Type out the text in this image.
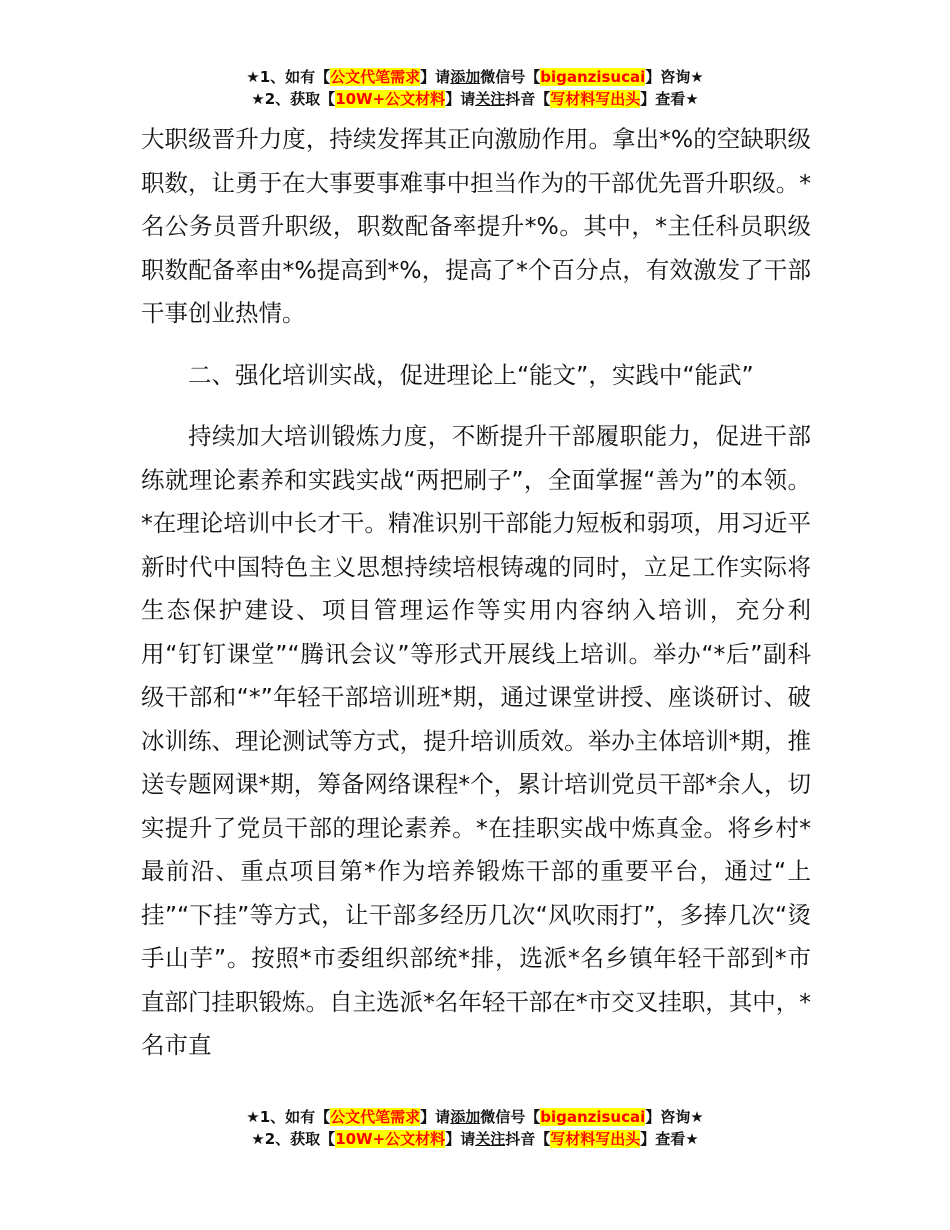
★1、如有【公文代笔需求】请添加微信号【biganzisucai】咨询★
★2、获取【10W+公文材料】请关注抖音【写材料写出头】查看★

大职级晋升力度，持续发挥其正向激励作用。拿出*%的空缺职级职数，让勇于在大事要事难事中担当作为的干部优先晋升职级。*名公务员晋升职级，职数配备率提升*%。其中，*主任科员职级职数配备率由*%提高到*%，提高了*个百分点，有效激发了干部干事创业热情。

二、强化培训实战，促进理论上“能文”，实践中“能武”

持续加大培训锻炼力度，不断提升干部履职能力，促进干部练就理论素养和实践实战“两把刷子”，全面掌握“善为”的本领。*在理论培训中长才干。精准识别干部能力短板和弱项，用习近平新时代中国特色主义思想持续培根铸魂的同时，立足工作实际将生态保护建设、项目管理运作等实用内容纳入培训，充分利用“钉钉课堂”“腾讯会议”等形式开展线上培训。举办“*后”副科级干部和“*”年轻干部培训班*期，通过课堂讲授、座谈研讨、破冰训练、理论测试等方式，提升培训质效。举办主体培训*期，推送专题网课*期，筹备网络课程*个，累计培训党员干部*余人，切实提升了党员干部的理论素养。*在挂职实战中炼真金。将乡村*最前沿、重点项目第*作为培养锻炼干部的重要平台，通过“上挂”“下挂”等方式，让干部多经历几次“风吹雨打”，多捧几次“烫手山芋”。按照*市委组织部统*排，选派*名乡镇年轻干部到*市直部门挂职锻炼。自主选派*名年轻干部在*市交叉挂职，其中，*名市直

★1、如有【公文代笔需求】请添加微信号【biganzisucai】咨询★
★2、获取【10W+公文材料】请关注抖音【写材料写出头】查看★
